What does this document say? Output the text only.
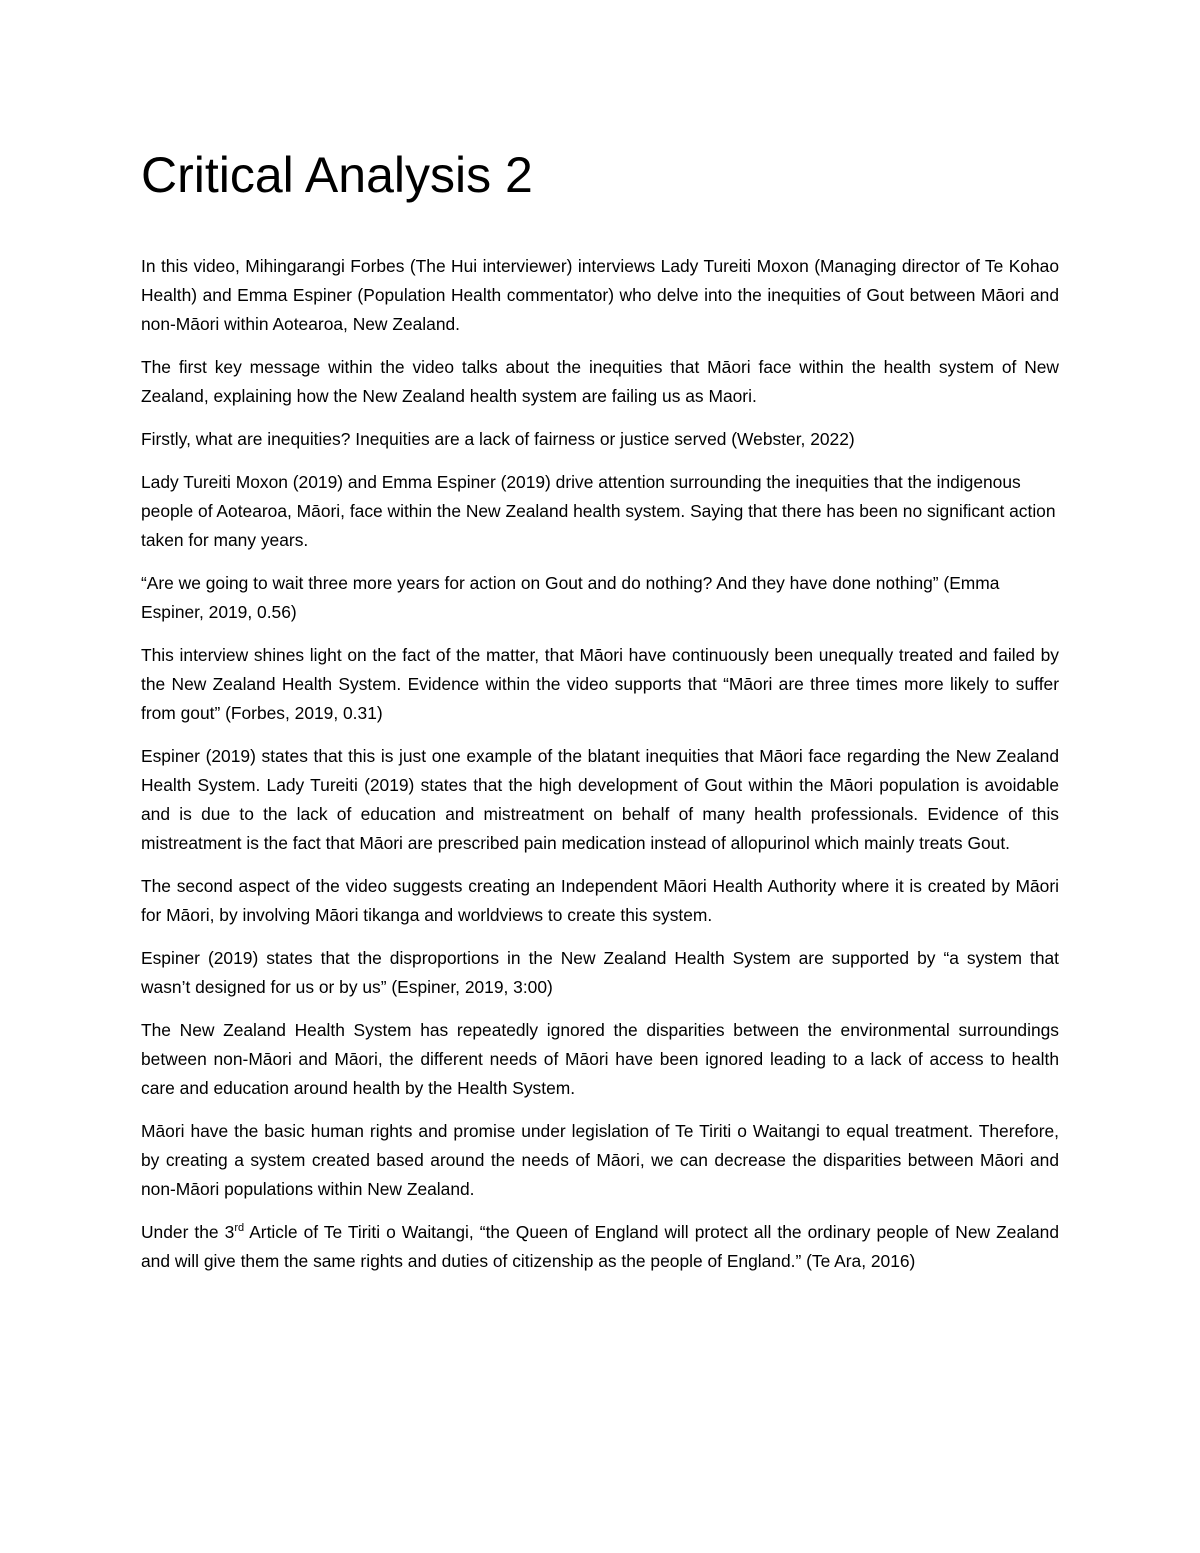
Critical Analysis 2

In this video, Mihingarangi Forbes (The Hui interviewer) interviews Lady Tureiti Moxon (Managing director of Te Kohao Health) and Emma Espiner (Population Health commentator) who delve into the inequities of Gout between Māori and non-Māori within Aotearoa, New Zealand.

The first key message within the video talks about the inequities that Māori face within the health system of New Zealand, explaining how the New Zealand health system are failing us as Maori.

Firstly, what are inequities? Inequities are a lack of fairness or justice served (Webster, 2022)

Lady Tureiti Moxon (2019) and Emma Espiner (2019) drive attention surrounding the inequities that the indigenous people of Aotearoa, Māori, face within the New Zealand health system. Saying that there has been no significant action taken for many years.

“Are we going to wait three more years for action on Gout and do nothing? And they have done nothing” (Emma Espiner, 2019, 0.56)

This interview shines light on the fact of the matter, that Māori have continuously been unequally treated and failed by the New Zealand Health System. Evidence within the video supports that “Māori are three times more likely to suffer from gout” (Forbes, 2019, 0.31)

Espiner (2019) states that this is just one example of the blatant inequities that Māori face regarding the New Zealand Health System. Lady Tureiti (2019) states that the high development of Gout within the Māori population is avoidable and is due to the lack of education and mistreatment on behalf of many health professionals. Evidence of this mistreatment is the fact that Māori are prescribed pain medication instead of allopurinol which mainly treats Gout.

The second aspect of the video suggests creating an Independent Māori Health Authority where it is created by Māori for Māori, by involving Māori tikanga and worldviews to create this system.

Espiner (2019) states that the disproportions in the New Zealand Health System are supported by “a system that wasn’t designed for us or by us” (Espiner, 2019, 3:00)

The New Zealand Health System has repeatedly ignored the disparities between the environmental surroundings between non-Māori and Māori, the different needs of Māori have been ignored leading to a lack of access to health care and education around health by the Health System.

Māori have the basic human rights and promise under legislation of Te Tiriti o Waitangi to equal treatment. Therefore, by creating a system created based around the needs of Māori, we can decrease the disparities between Māori and non-Māori populations within New Zealand.

Under the 3rd Article of Te Tiriti o Waitangi, “the Queen of England will protect all the ordinary people of New Zealand and will give them the same rights and duties of citizenship as the people of England.” (Te Ara, 2016)
